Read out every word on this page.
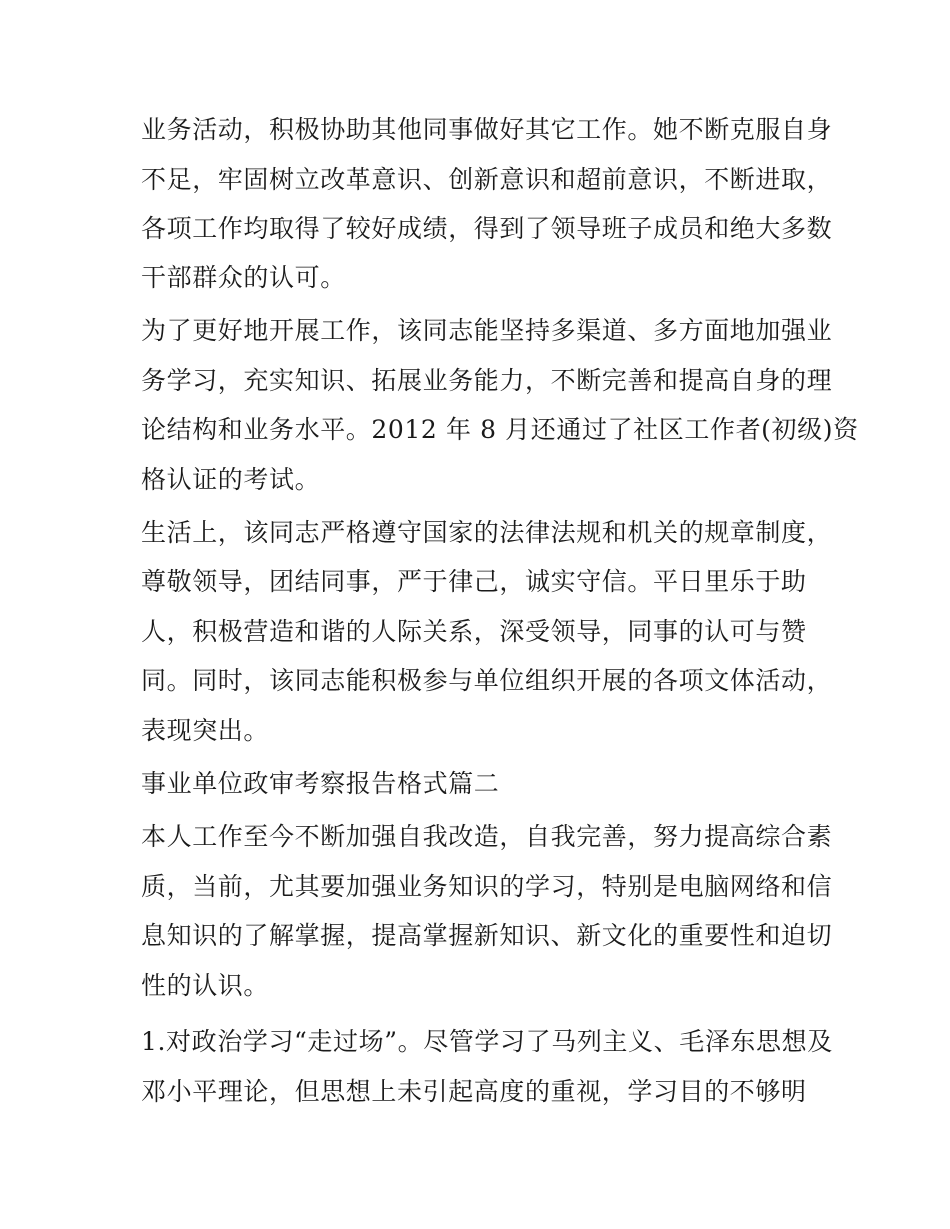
业务活动，积极协助其他同事做好其它工作。她不断克服自身
不足，牢固树立改革意识、创新意识和超前意识，不断进取，
各项工作均取得了较好成绩，得到了领导班子成员和绝大多数
干部群众的认可。
为了更好地开展工作，该同志能坚持多渠道、多方面地加强业
务学习，充实知识、拓展业务能力，不断完善和提高自身的理
论结构和业务水平。2012 年 8 月还通过了社区工作者(初级)资
格认证的考试。
生活上，该同志严格遵守国家的法律法规和机关的规章制度，
尊敬领导，团结同事，严于律己，诚实守信。平日里乐于助
人，积极营造和谐的人际关系，深受领导，同事的认可与赞
同。同时，该同志能积极参与单位组织开展的各项文体活动，
表现突出。
事业单位政审考察报告格式篇二
本人工作至今不断加强自我改造，自我完善，努力提高综合素
质，当前，尤其要加强业务知识的学习，特别是电脑网络和信
息知识的了解掌握，提高掌握新知识、新文化的重要性和迫切
性的认识。
1.对政治学习“走过场”。尽管学习了马列主义、毛泽东思想及
邓小平理论，但思想上未引起高度的重视，学习目的不够明
